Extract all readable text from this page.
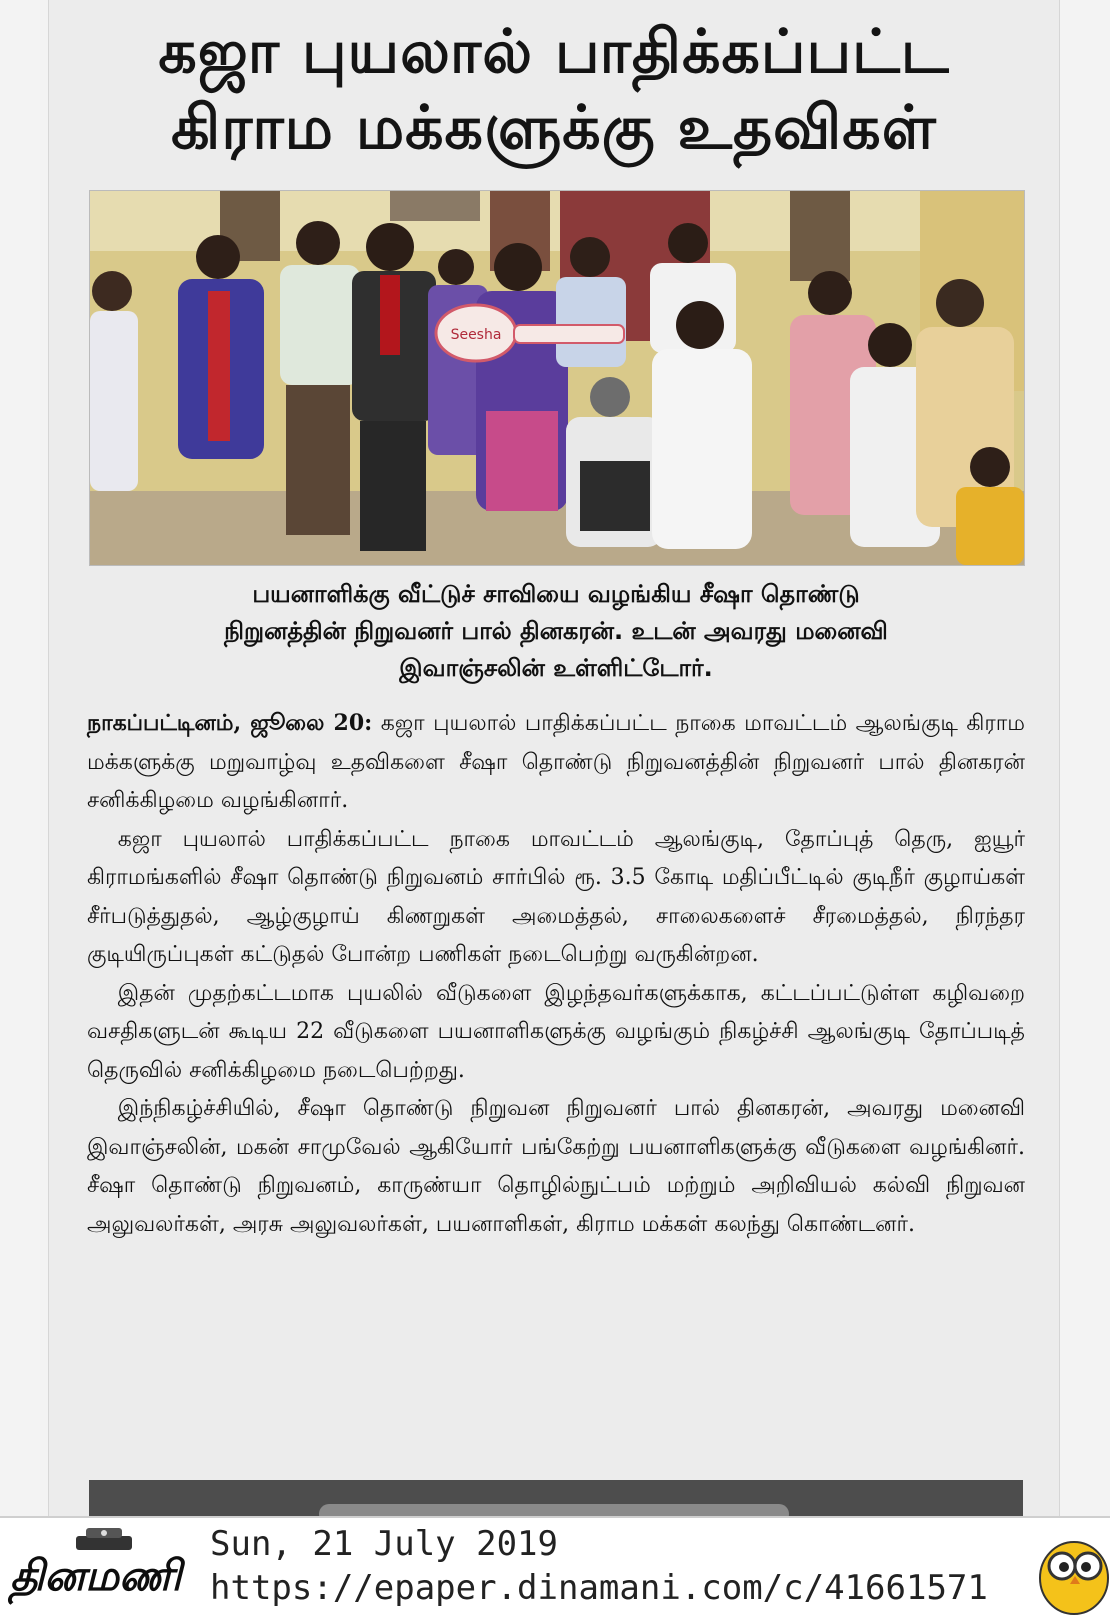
கஜா புயலால் பாதிக்கப்பட்ட
கிராம மக்களுக்கு உதவிகள்
Seesha
பயனாளிக்கு வீட்டுச் சாவியை வழங்கிய சீஷா தொண்டு
நிறுனத்தின் நிறுவனர் பால் தினகரன். உடன் அவரது மனைவி
இவாஞ்சலின் உள்ளிட்டோர்.

நாகப்பட்டினம், ஜூலை 20: கஜா புயலால் பாதிக்கப்பட்ட நாகை மாவட்டம் ஆலங்குடி கிராம மக்களுக்கு மறுவாழ்வு உதவிகளை சீஷா தொண்டு நிறுவனத்தின் நிறுவனர் பால் தினகரன் சனிக்கிழமை வழங்கினார்.

கஜா புயலால் பாதிக்கப்பட்ட நாகை மாவட்டம் ஆலங்குடி, தோப்புத் தெரு, ஐயூர் கிராமங்களில் சீஷா தொண்டு நிறுவனம் சார்பில் ரூ. 3.5 கோடி மதிப்பீட்டில் குடிநீர் குழாய்கள் சீர்படுத்துதல், ஆழ்குழாய் கிணறுகள் அமைத்தல், சாலைகளைச் சீரமைத்தல், நிரந்தர குடியிருப்புகள் கட்டுதல் போன்ற பணிகள் நடைபெற்று வருகின்றன.

இதன் முதற்கட்டமாக புயலில் வீடுகளை இழந்தவர்களுக்காக, கட்டப்பட்டுள்ள கழிவறை வசதிகளுடன் கூடிய 22 வீடுகளை பயனாளிகளுக்கு வழங்கும் நிகழ்ச்சி ஆலங்குடி தோப்படித் தெருவில் சனிக்கிழமை நடைபெற்றது.

இந்நிகழ்ச்சியில், சீஷா தொண்டு நிறுவன நிறுவனர் பால் தினகரன், அவரது மனைவி இவாஞ்சலின், மகன் சாமுவேல் ஆகியோர் பங்கேற்று பயனாளிகளுக்கு வீடுகளை வழங்கினர். சீஷா தொண்டு நிறுவனம், காருண்யா தொழில்நுட்பம் மற்றும் அறிவியல் கல்வி நிறுவன அலுவலர்கள், அரசு அலுவலர்கள், பயனாளிகள், கிராம மக்கள் கலந்து கொண்டனர்.

தினமணி
Sun, 21 July 2019
https://epaper.dinamani.com/c/41661571
